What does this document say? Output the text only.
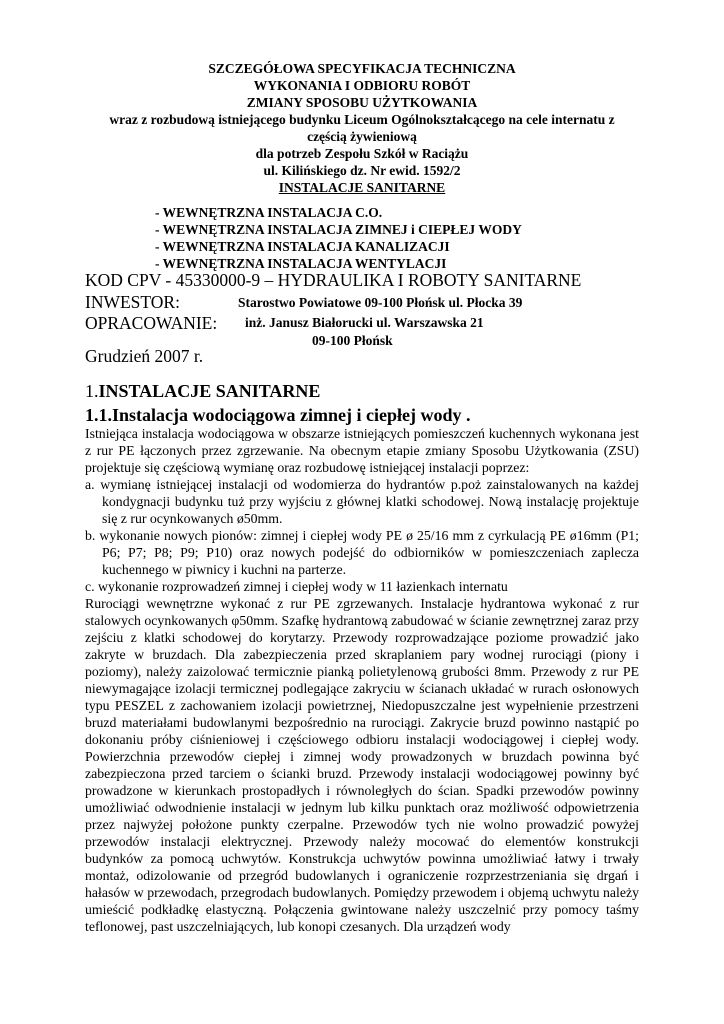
SZCZEGÓŁOWA SPECYFIKACJA TECHNICZNA

WYKONANIA I ODBIORU ROBÓT

ZMIANY SPOSOBU UŻYTKOWANIA

wraz z rozbudową istniejącego budynku Liceum Ogólnokształcącego na cele internatu z

częścią żywieniową

dla potrzeb Zespołu Szkół w Raciążu

ul. Kilińskiego dz. Nr ewid. 1592/2

INSTALACJE SANITARNE

- WEWNĘTRZNA INSTALACJA C.O.
- WEWNĘTRZNA INSTALACJA ZIMNEJ i CIEPŁEJ WODY
- WEWNĘTRZNA INSTALACJA KANALIZACJI
- WEWNĘTRZNA INSTALACJA WENTYLACJI
KOD CPV - 45330000-9 – HYDRAULIKA I ROBOTY SANITARNE
INWESTOR:	Starostwo Powiatowe 09-100 Płońsk ul. Płocka 39
OPRACOWANIE: inż. Janusz Białorucki ul. Warszawska 21
09-100 Płońsk
Grudzień 2007 r.
1.INSTALACJE SANITARNE
1.1.Instalacja wodociągowa zimnej i ciepłej wody .

Istniejąca instalacja wodociągowa w obszarze istniejących pomieszczeń kuchennych wykonana jest z rur PE łączonych przez zgrzewanie. Na obecnym etapie zmiany Sposobu Użytkowania (ZSU) projektuje się częściową wymianę oraz rozbudowę istniejącej instalacji poprzez:

a. wymianę istniejącej instalacji od wodomierza do hydrantów p.poż zainstalowanych na każdej kondygnacji budynku tuż przy wyjściu z głównej klatki schodowej. Nową instalację projektuje się z rur ocynkowanych ø50mm.

b. wykonanie nowych pionów: zimnej i ciepłej wody PE ø 25/16 mm z cyrkulacją PE ø16mm (P1; P6; P7; P8; P9; P10) oraz nowych podejść do odbiorników w pomieszczeniach zaplecza kuchennego w piwnicy i kuchni na parterze.

c. wykonanie rozprowadzeń zimnej i ciepłej wody w 11 łazienkach internatu

Rurociągi wewnętrzne wykonać z rur PE zgrzewanych. Instalacje hydrantowa wykonać z rur stalowych ocynkowanych φ50mm. Szafkę hydrantową zabudować w ścianie zewnętrznej zaraz przy zejściu z klatki schodowej do korytarzy. Przewody rozprowadzające poziome prowadzić jako zakryte w bruzdach. Dla zabezpieczenia przed skraplaniem pary wodnej rurociągi (piony i poziomy), należy zaizolować termicznie pianką polietylenową grubości 8mm. Przewody z rur PE niewymagające izolacji termicznej podlegające zakryciu w ścianach układać w rurach osłonowych typu PESZEL z zachowaniem izolacji powietrznej, Niedopuszczalne jest wypełnienie przestrzeni bruzd materiałami budowlanymi bezpośrednio na rurociągi. Zakrycie bruzd powinno nastąpić po dokonaniu próby ciśnieniowej i częściowego odbioru instalacji wodociągowej i ciepłej wody. Powierzchnia przewodów ciepłej i zimnej wody prowadzonych w bruzdach powinna być zabezpieczona przed tarciem o ścianki bruzd. Przewody instalacji wodociągowej powinny być prowadzone w kierunkach prostopadłych i równoległych do ścian. Spadki przewodów powinny umożliwiać odwodnienie instalacji w jednym lub kilku punktach oraz możliwość odpowietrzenia przez najwyżej położone punkty czerpalne. Przewodów tych nie wolno prowadzić powyżej przewodów instalacji elektrycznej. Przewody należy mocować do elementów konstrukcji budynków za pomocą uchwytów. Konstrukcja uchwytów powinna umożliwiać łatwy i trwały montaż, odizolowanie od przegród budowlanych i ograniczenie rozprzestrzeniania się drgań i hałasów w przewodach, przegrodach budowlanych. Pomiędzy przewodem i objemą uchwytu należy umieścić podkładkę elastyczną. Połączenia gwintowane należy uszczelnić przy pomocy taśmy teflonowej, past uszczelniających, lub konopi czesanych. Dla urządzeń wody
